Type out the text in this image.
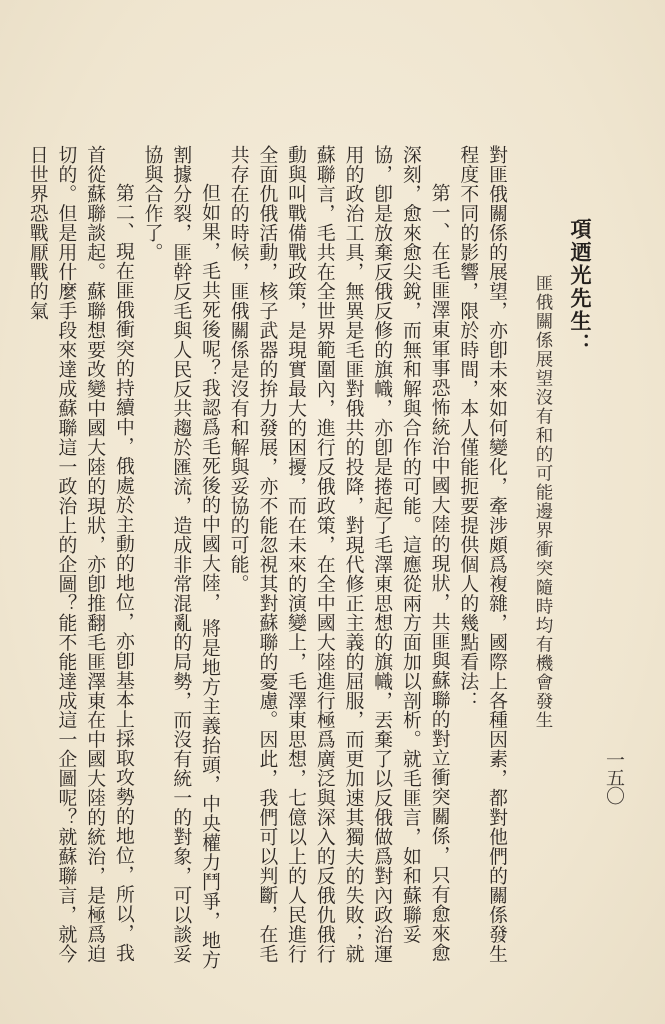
一五〇
項迺光先生：
匪俄關係展望沒有和的可能邊界衝突隨時均有機會發生

對匪俄關係的展望，亦卽未來如何變化，牽涉頗爲複雜，國際上各種因素，都對他們的關係發生程度不同的影響，限於時間，本人僅能扼要提供個人的幾點看法：

第一、在毛匪澤東軍事恐怖統治中國大陸的現狀，共匪與蘇聯的對立衝突關係，只有愈來愈深刻，愈來愈尖銳，而無和解與合作的可能。這應從兩方面加以剖析。就毛匪言，如和蘇聯妥協，卽是放棄反俄反修的旗幟，亦卽是捲起了毛澤東思想的旗幟，丟棄了以反俄做爲對內政治運用的政治工具，無異是毛匪對俄共的投降，對現代修正主義的屈服，而更加速其獨夫的失敗；就蘇聯言，毛共在全世界範圍內，進行反俄政策，在全中國大陸進行極爲廣泛與深入的反俄仇俄行動與叫戰備戰政策，是現實最大的困擾，而在未來的演變上，毛澤東思想，七億以上的人民進行全面仇俄活動，核子武器的拚力發展，亦不能忽視其對蘇聯的憂慮。因此，我們可以判斷，在毛共存在的時候，匪俄關係是沒有和解與妥協的可能。

但如果，毛共死後呢？我認爲毛死後的中國大陸， 將是地方主義抬頭，中央權力鬥爭，地方割據分裂，匪幹反毛與人民反共趨於匯流，造成非常混亂的局勢，而沒有統一的對象，可以談妥協與合作了。

第二、現在匪俄衝突的持續中，俄處於主動的地位，亦卽基本上採取攻勢的地位，所以，我首從蘇聯談起。蘇聯想要改變中國大陸的現狀，亦卽推翻毛匪澤東在中國大陸的統治，是極爲迫切的。但是用什麼手段來達成蘇聯這一政治上的企圖？能不能達成這一企圖呢？就蘇聯言，就今日世界恐戰厭戰的氣
